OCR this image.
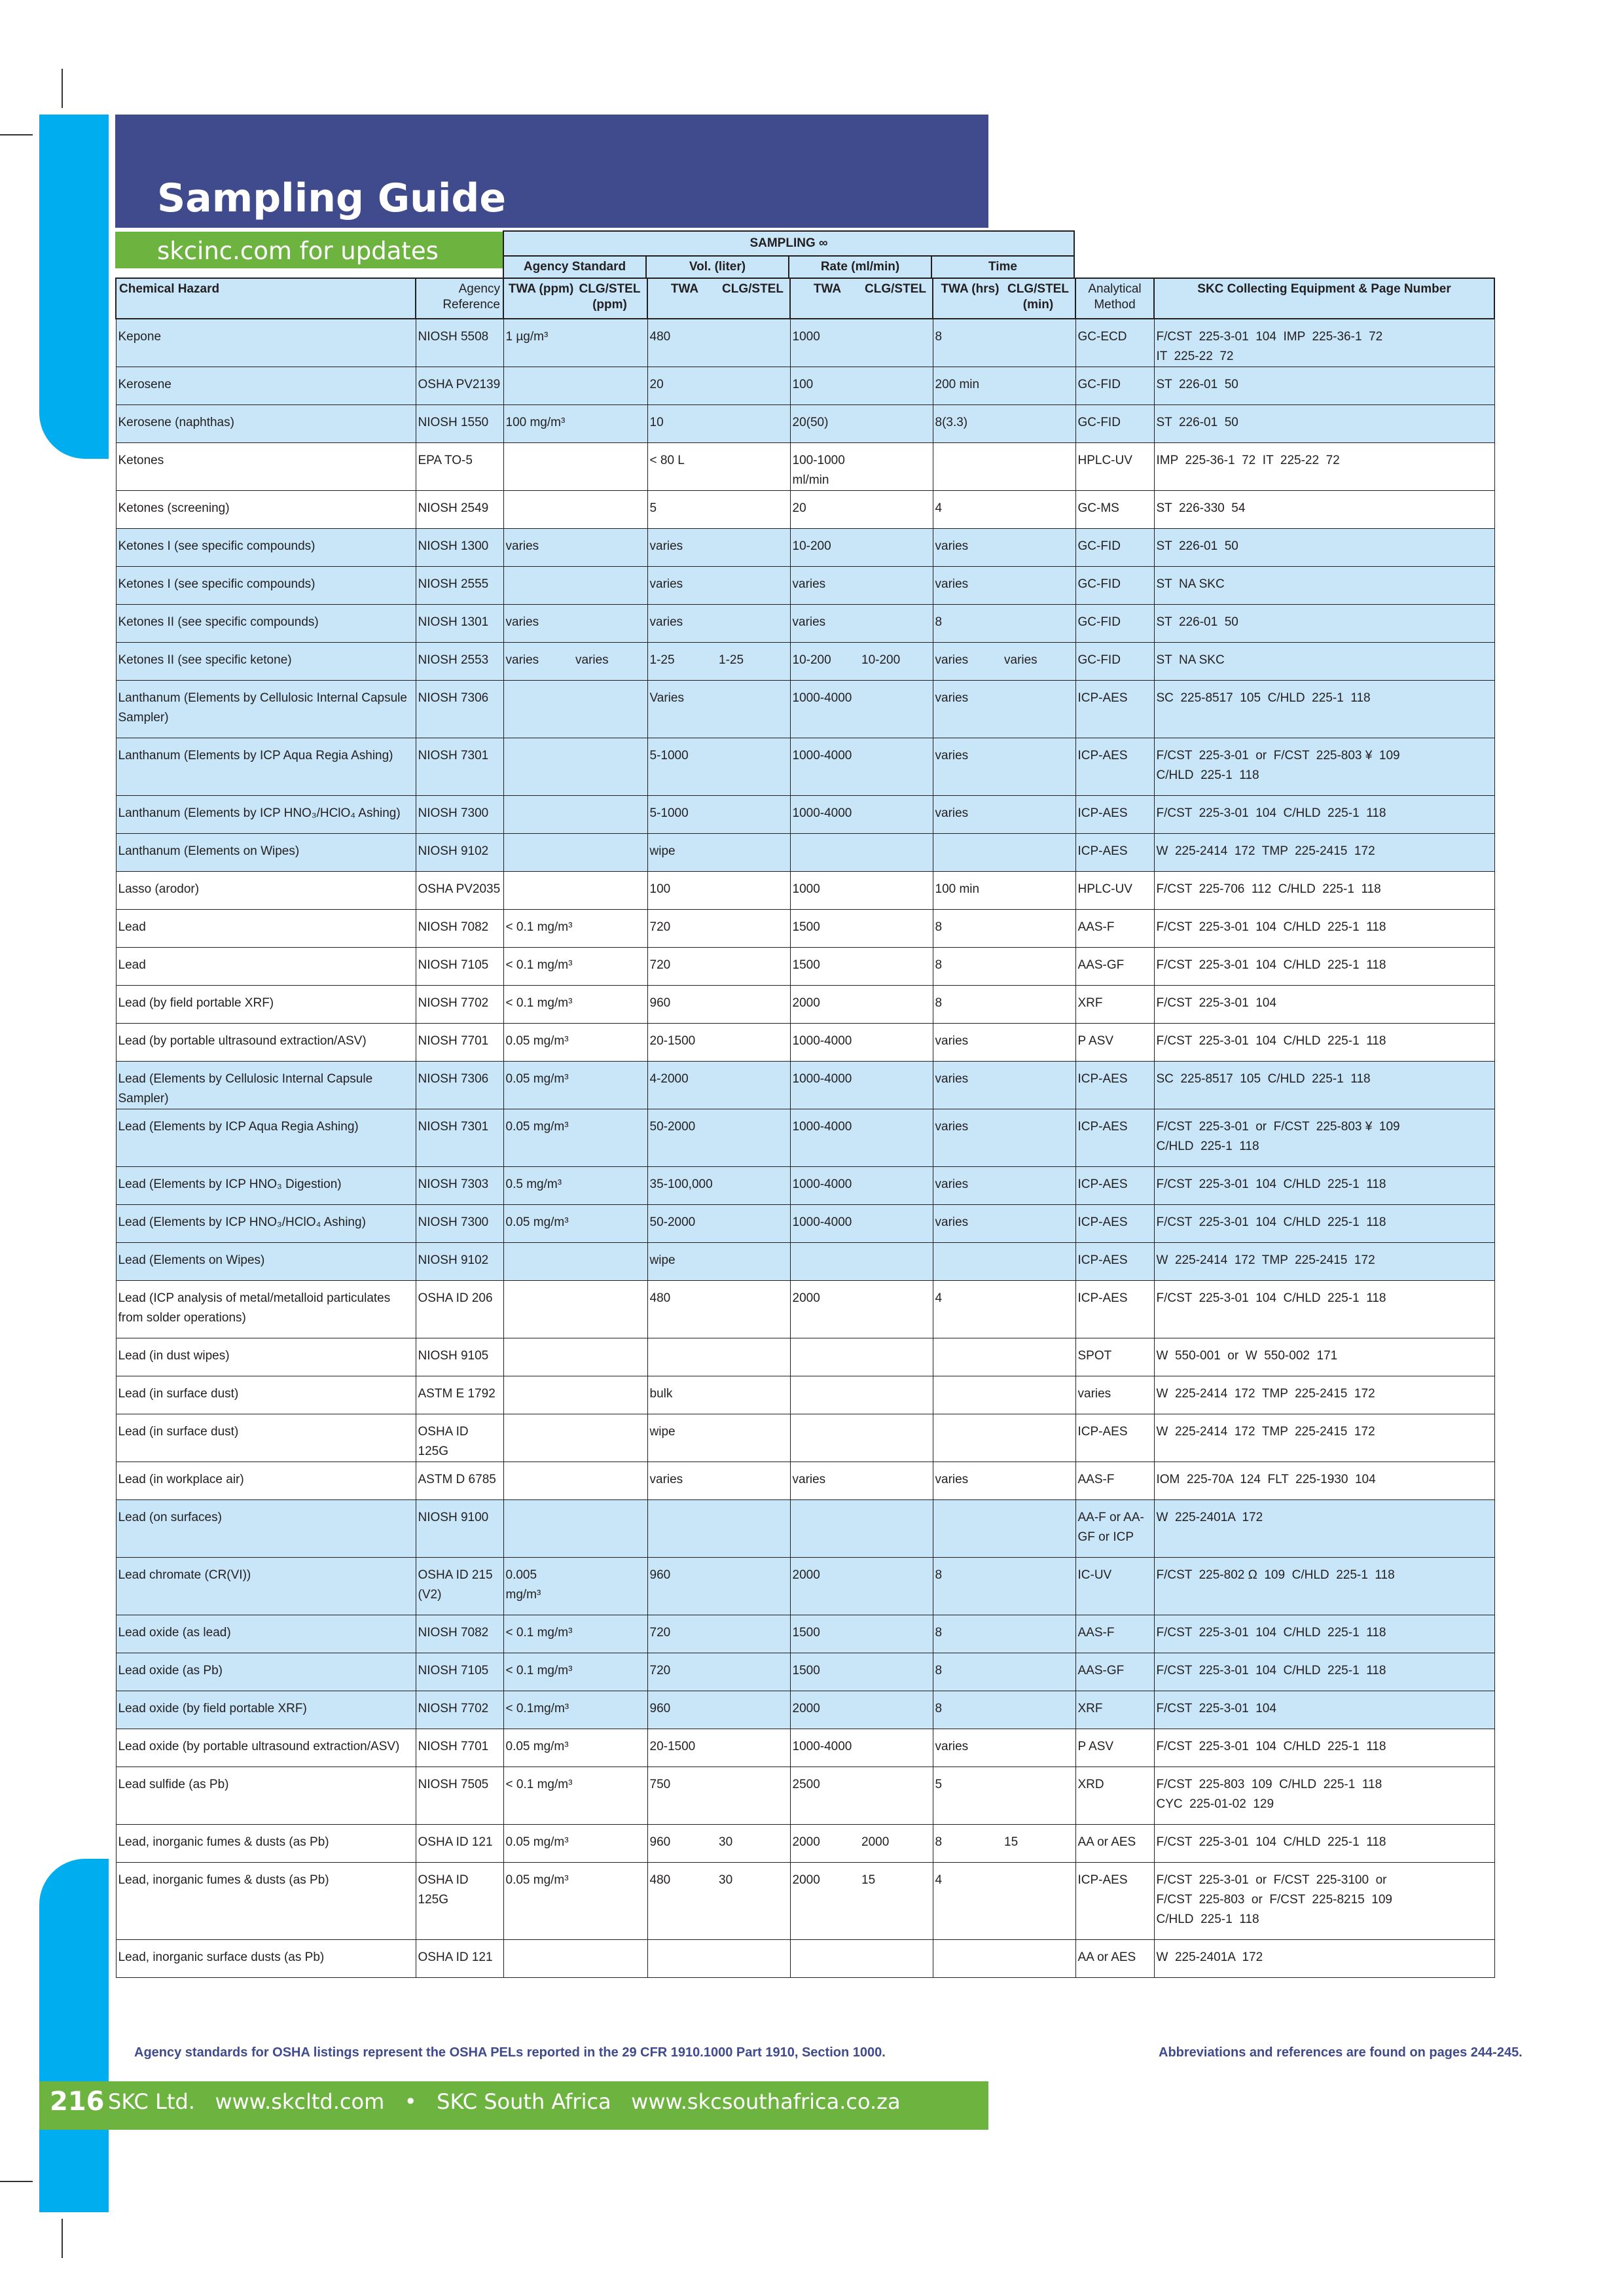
Sampling Guide
skcinc.com for updates	SAMPLING ∞
Agency Standard	Vol. (liter)	Rate (ml/min)	Time
Chemical Hazard	Agency Reference	TWA (ppm) CLG/STEL (ppm)	TWA CLG/STEL	TWA CLG/STEL	TWA (hrs) CLG/STEL (min)	Analytical Method	SKC Collecting Equipment & Page Number
Kepone	NIOSH 5508	1 µg/m³	480	1000	8	GC-ECD	F/CST  225-3-01  104  IMP  225-36-1  72
IT  225-22  72
Kerosene	OSHA PV2139		20	100	200 min	GC-FID	ST  226-01  50
Kerosene (naphthas)	NIOSH 1550	100 mg/m³	10	20(50)	8(3.3)	GC-FID	ST  226-01  50
Ketones	EPA TO-5		< 80 L	100-1000 ml/min		HPLC-UV	IMP  225-36-1  72  IT  225-22  72
Ketones (screening)	NIOSH 2549		5	20	4	GC-MS	ST  226-330  54
Ketones I (see specific compounds)	NIOSH 1300	varies	varies	10-200	varies	GC-FID	ST  226-01  50
Ketones I (see specific compounds)	NIOSH 2555		varies	varies	varies	GC-FID	ST  NA SKC
Ketones II (see specific compounds)	NIOSH 1301	varies	varies	varies	8	GC-FID	ST  226-01  50
Ketones II (see specific ketone)	NIOSH 2553	varies varies	1-25 1-25	10-200 10-200	varies varies	GC-FID	ST  NA SKC
Lanthanum (Elements by Cellulosic Internal Capsule Sampler)	NIOSH 7306		Varies	1000-4000	varies	ICP-AES	SC  225-8517  105  C/HLD  225-1  118
Lanthanum (Elements by ICP Aqua Regia Ashing)	NIOSH 7301		5-1000	1000-4000	varies	ICP-AES	F/CST  225-3-01  or  F/CST  225-803 ¥  109
C/HLD  225-1  118
Lanthanum (Elements by ICP HNO₃/HClO₄ Ashing)	NIOSH 7300		5-1000	1000-4000	varies	ICP-AES	F/CST  225-3-01  104  C/HLD  225-1  118
Lanthanum (Elements on Wipes)	NIOSH 9102		wipe			ICP-AES	W  225-2414  172  TMP  225-2415  172
Lasso (arodor)	OSHA PV2035		100	1000	100 min	HPLC-UV	F/CST  225-706  112  C/HLD  225-1  118
Lead	NIOSH 7082	< 0.1 mg/m³	720	1500	8	AAS-F	F/CST  225-3-01  104  C/HLD  225-1  118
Lead	NIOSH 7105	< 0.1 mg/m³	720	1500	8	AAS-GF	F/CST  225-3-01  104  C/HLD  225-1  118
Lead (by field portable XRF)	NIOSH 7702	< 0.1 mg/m³	960	2000	8	XRF	F/CST  225-3-01  104
Lead (by portable ultrasound extraction/ASV)	NIOSH 7701	0.05 mg/m³	20-1500	1000-4000	varies	P ASV	F/CST  225-3-01  104  C/HLD  225-1  118
Lead (Elements by Cellulosic Internal Capsule Sampler)	NIOSH 7306	0.05 mg/m³	4-2000	1000-4000	varies	ICP-AES	SC  225-8517  105  C/HLD  225-1  118
Lead (Elements by ICP Aqua Regia Ashing)	NIOSH 7301	0.05 mg/m³	50-2000	1000-4000	varies	ICP-AES	F/CST  225-3-01  or  F/CST  225-803 ¥  109
C/HLD  225-1  118
Lead (Elements by ICP HNO₃ Digestion)	NIOSH 7303	0.5 mg/m³	35-100,000	1000-4000	varies	ICP-AES	F/CST  225-3-01  104  C/HLD  225-1  118
Lead (Elements by ICP HNO₃/HClO₄ Ashing)	NIOSH 7300	0.05 mg/m³	50-2000	1000-4000	varies	ICP-AES	F/CST  225-3-01  104  C/HLD  225-1  118
Lead (Elements on Wipes)	NIOSH 9102		wipe			ICP-AES	W  225-2414  172  TMP  225-2415  172
Lead (ICP analysis of metal/metalloid particulates from solder operations)	OSHA ID 206		480	2000	4	ICP-AES	F/CST  225-3-01  104  C/HLD  225-1  118
Lead (in dust wipes)	NIOSH 9105					SPOT	W  550-001  or  W  550-002  171
Lead (in surface dust)	ASTM E 1792		bulk			varies	W  225-2414  172  TMP  225-2415  172
Lead (in surface dust)	OSHA ID 125G		wipe			ICP-AES	W  225-2414  172  TMP  225-2415  172
Lead (in workplace air)	ASTM D 6785		varies	varies	varies	AAS-F	IOM  225-70A  124  FLT  225-1930  104
Lead (on surfaces)	NIOSH 9100					AA-F or AA-GF or ICP	W  225-2401A  172
Lead chromate (CR(VI))	OSHA ID 215 (V2)	0.005 mg/m³	960	2000	8	IC-UV	F/CST  225-802 Ω  109  C/HLD  225-1  118
Lead oxide (as lead)	NIOSH 7082	< 0.1 mg/m³	720	1500	8	AAS-F	F/CST  225-3-01  104  C/HLD  225-1  118
Lead oxide (as Pb)	NIOSH 7105	< 0.1 mg/m³	720	1500	8	AAS-GF	F/CST  225-3-01  104  C/HLD  225-1  118
Lead oxide (by field portable XRF)	NIOSH 7702	< 0.1mg/m³	960	2000	8	XRF	F/CST  225-3-01  104
Lead oxide (by portable ultrasound extraction/ASV)	NIOSH 7701	0.05 mg/m³	20-1500	1000-4000	varies	P ASV	F/CST  225-3-01  104  C/HLD  225-1  118
Lead sulfide (as Pb)	NIOSH 7505	< 0.1 mg/m³	750	2500	5	XRD	F/CST  225-803  109  C/HLD  225-1  118
CYC  225-01-02  129
Lead, inorganic fumes & dusts (as Pb)	OSHA ID 121	0.05 mg/m³	960 30	2000 2000	8 15	AA or AES	F/CST  225-3-01  104  C/HLD  225-1  118
Lead, inorganic fumes & dusts (as Pb)	OSHA ID 125G	0.05 mg/m³	480 30	2000 15	4	ICP-AES	F/CST  225-3-01  or  F/CST  225-3100  or
F/CST  225-803  or  F/CST  225-8215  109
C/HLD  225-1  118
Lead, inorganic surface dusts (as Pb)	OSHA ID 121					AA or AES	W  225-2401A  172
Agency standards for OSHA listings represent the OSHA PELs reported in the 29 CFR 1910.1000 Part 1910, Section 1000.	Abbreviations and references are found on pages 244-245.
216 SKC Ltd.   www.skcltd.com   •   SKC South Africa   www.skcsouthafrica.co.za
